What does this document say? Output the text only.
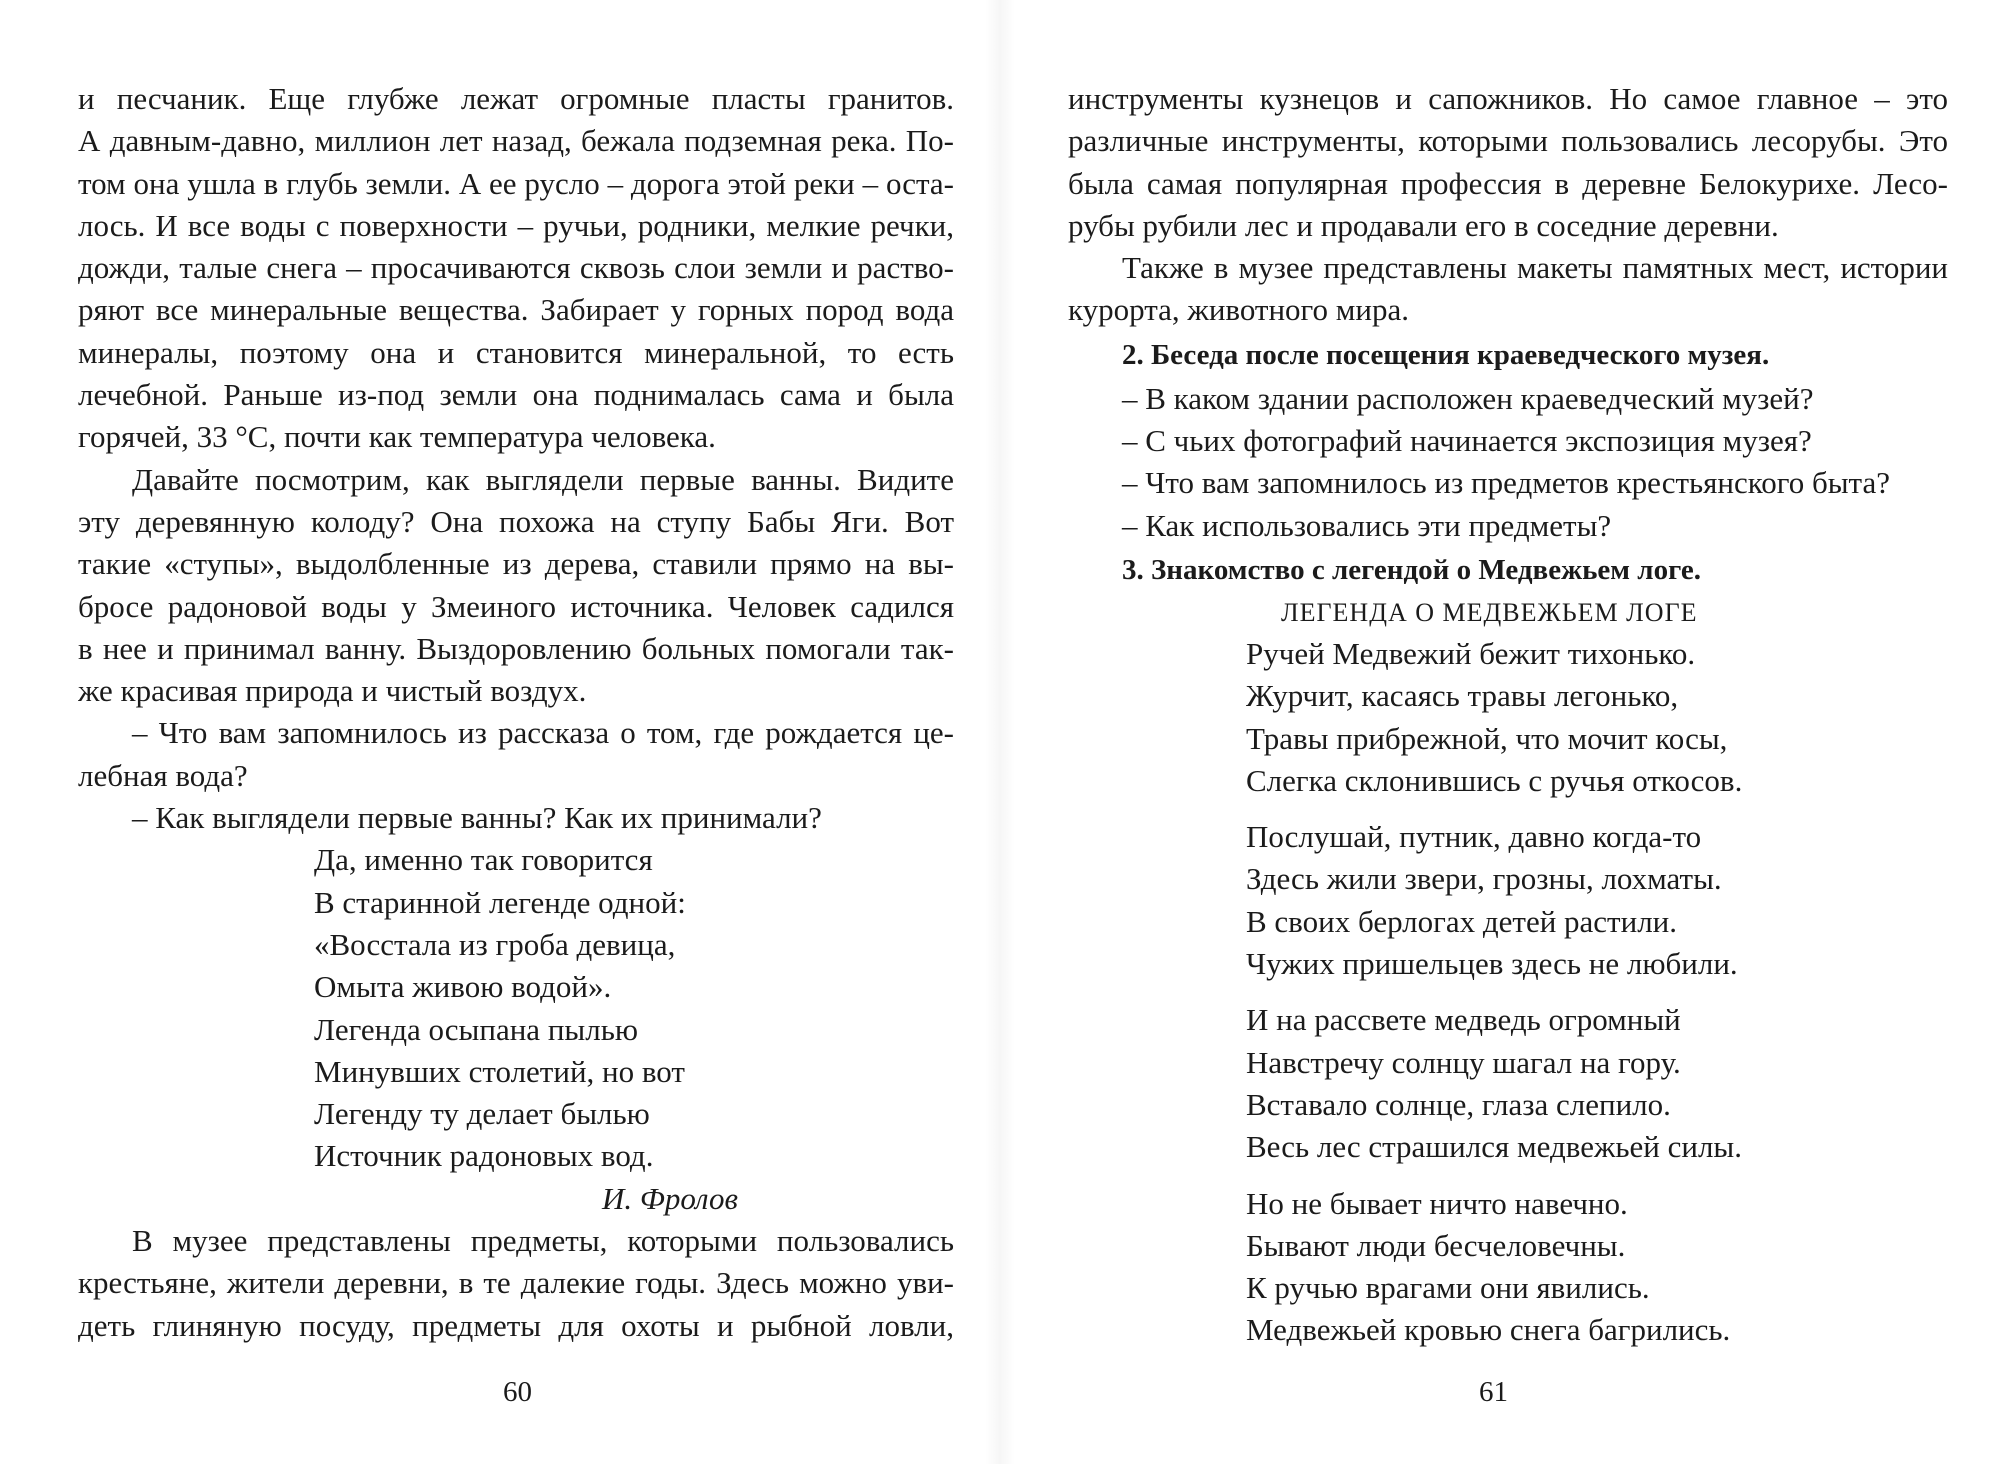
и песчаник. Еще глубже лежат огромные пласты гранитов.
А давным-давно, миллион лет назад, бежала подземная река. По-
том она ушла в глубь земли. А ее русло – дорога этой реки – оста-
лось. И все воды с поверхности – ручьи, родники, мелкие речки,
дожди, талые снега – просачиваются сквозь слои земли и раство-
ряют все минеральные вещества. Забирает у горных пород вода
минералы, поэтому она и становится минеральной, то есть
лечебной. Раньше из-под земли она поднималась сама и была
горячей, 33 °С, почти как температура человека.
Давайте посмотрим, как выглядели первые ванны. Видите
эту деревянную колоду? Она похожа на ступу Бабы Яги. Вот
такие «ступы», выдолбленные из дерева, ставили прямо на вы-
бросе радоновой воды у Змеиного источника. Человек садился
в нее и принимал ванну. Выздоровлению больных помогали так-
же красивая природа и чистый воздух.
– Что вам запомнилось из рассказа о том, где рождается це-
лебная вода?
– Как выглядели первые ванны? Как их принимали?
Да, именно так говорится
В старинной легенде одной:
«Восстала из гроба девица,
Омыта живою водой».
Легенда осыпана пылью
Минувших столетий, но вот
Легенду ту делает былью
Источник радоновых вод.
И. Фролов
В музее представлены предметы, которыми пользовались
крестьяне, жители деревни, в те далекие годы. Здесь можно уви-
деть глиняную посуду, предметы для охоты и рыбной ловли,
60
инструменты кузнецов и сапожников. Но самое главное – это
различные инструменты, которыми пользовались лесорубы. Это
была самая популярная профессия в деревне Белокурихе. Лесо-
рубы рубили лес и продавали его в соседние деревни.
Также в музее представлены макеты памятных мест, истории
курорта, животного мира.
2. Беседа после посещения краеведческого музея.
– В каком здании расположен краеведческий музей?
– С чьих фотографий начинается экспозиция музея?
– Что вам запомнилось из предметов крестьянского быта?
– Как использовались эти предметы?
3. Знакомство с легендой о Медвежьем логе.
ЛЕГЕНДА О МЕДВЕЖЬЕМ ЛОГЕ
Ручей Медвежий бежит тихонько.
Журчит, касаясь травы легонько,
Травы прибрежной, что мочит косы,
Слегка склонившись с ручья откосов.
Послушай, путник, давно когда-то
Здесь жили звери, грозны, лохматы.
В своих берлогах детей растили.
Чужих пришельцев здесь не любили.
И на рассвете медведь огромный
Навстречу солнцу шагал на гору.
Вставало солнце, глаза слепило.
Весь лес страшился медвежьей силы.
Но не бывает ничто навечно.
Бывают люди бесчеловечны.
К ручью врагами они явились.
Медвежьей кровью снега багрились.
61
